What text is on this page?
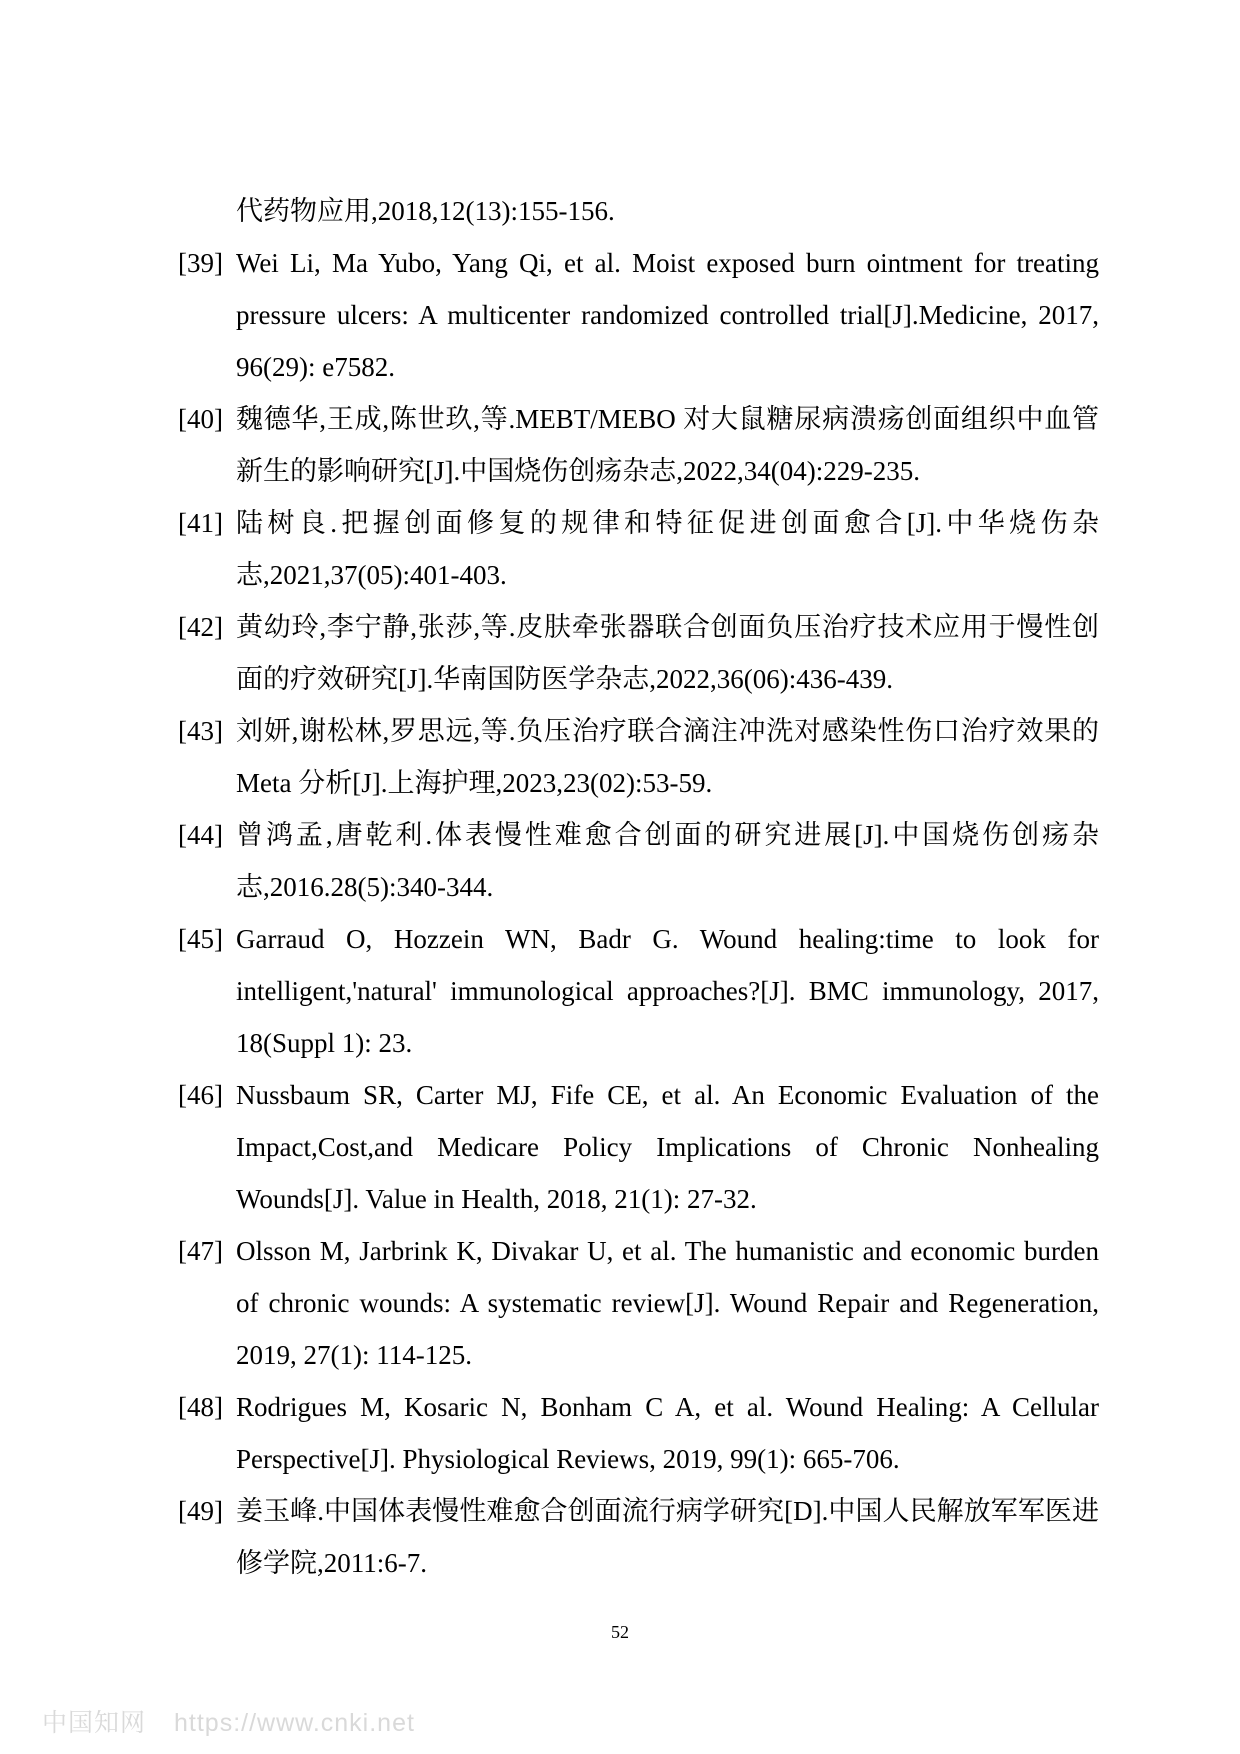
代药物应用,2018,12(13):155-156.
[39] Wei Li, Ma Yubo, Yang Qi, et al. Moist exposed burn ointment for treating pressure ulcers: A multicenter randomized controlled trial[J].Medicine, 2017, 96(29): e7582.
[40] 魏德华,王成,陈世玖,等.MEBT/MEBO 对大鼠糖尿病溃疡创面组织中血管新生的影响研究[J].中国烧伤创疡杂志,2022,34(04):229-235.
[41] 陆树良.把握创面修复的规律和特征促进创面愈合[J].中华烧伤杂志,2021,37(05):401-403.
[42] 黄幼玲,李宁静,张莎,等.皮肤牵张器联合创面负压治疗技术应用于慢性创面的疗效研究[J].华南国防医学杂志,2022,36(06):436-439.
[43] 刘妍,谢松林,罗思远,等.负压治疗联合滴注冲洗对感染性伤口治疗效果的 Meta 分析[J].上海护理,2023,23(02):53-59.
[44] 曾鸿孟,唐乾利.体表慢性难愈合创面的研究进展[J].中国烧伤创疡杂志,2016.28(5):340-344.
[45] Garraud O, Hozzein WN, Badr G. Wound healing:time to look for intelligent,'natural' immunological approaches?[J]. BMC immunology, 2017, 18(Suppl 1): 23.
[46] Nussbaum SR, Carter MJ, Fife CE, et al. An Economic Evaluation of the Impact,Cost,and Medicare Policy Implications of Chronic Nonhealing Wounds[J]. Value in Health, 2018, 21(1): 27-32.
[47] Olsson M, Jarbrink K, Divakar U, et al. The humanistic and economic burden of chronic wounds: A systematic review[J]. Wound Repair and Regeneration, 2019, 27(1): 114-125.
[48] Rodrigues M, Kosaric N, Bonham C A, et al. Wound Healing: A Cellular Perspective[J]. Physiological Reviews, 2019, 99(1): 665-706.
[49] 姜玉峰.中国体表慢性难愈合创面流行病学研究[D].中国人民解放军军医进修学院,2011:6-7.
52
中国知网 https://www.cnki.net
